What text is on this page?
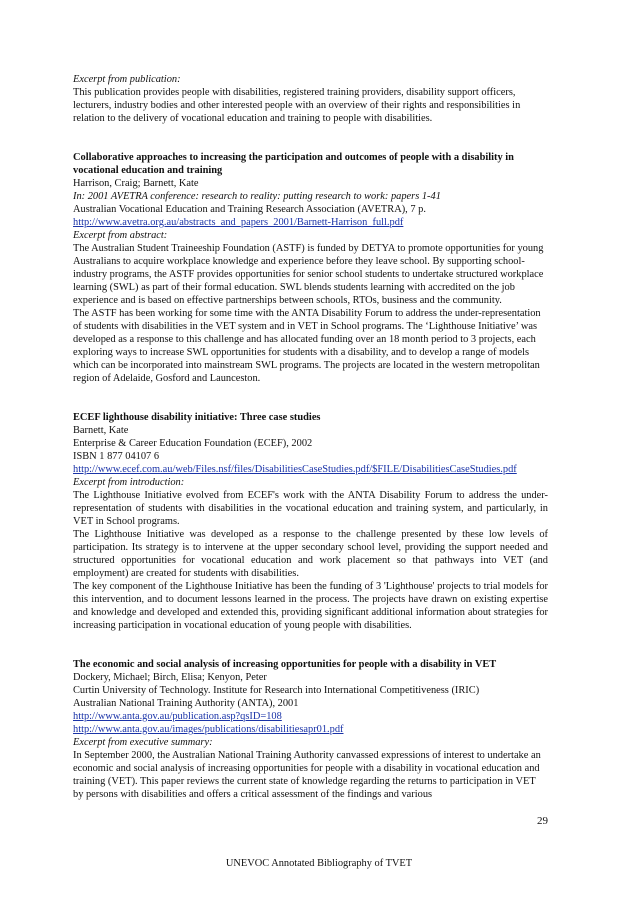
Excerpt from publication:

This publication provides people with disabilities, registered training providers, disability support officers, lecturers, industry bodies and other interested people with an overview of their rights and responsibilities in relation to the delivery of vocational education and training to people with disabilities.

Collaborative approaches to increasing the participation and outcomes of people with a disability in vocational education and training

Harrison, Craig; Barnett, Kate

In: 2001 AVETRA conference: research to reality: putting research to work: papers 1-41

Australian Vocational Education and Training Research Association (AVETRA), 7 p.

http://www.avetra.org.au/abstracts_and_papers_2001/Barnett-Harrison_full.pdf

Excerpt from abstract:

The Australian Student Traineeship Foundation (ASTF) is funded by DETYA to promote opportunities for young Australians to acquire workplace knowledge and experience before they leave school. By supporting school-industry programs, the ASTF provides opportunities for senior school students to undertake structured workplace learning (SWL) as part of their formal education. SWL blends students learning with accredited on the job experience and is based on effective partnerships between schools, RTOs, business and the community.

The ASTF has been working for some time with the ANTA Disability Forum to address the under-representation of students with disabilities in the VET system and in VET in School programs. The ‘Lighthouse Initiative’ was developed as a response to this challenge and has allocated funding over an 18 month period to 3 projects, each exploring ways to increase SWL opportunities for students with a disability, and to develop a range of models which can be incorporated into mainstream SWL programs. The projects are located in the western metropolitan region of Adelaide, Gosford and Launceston.

ECEF lighthouse disability initiative: Three case studies

Barnett, Kate

Enterprise & Career Education Foundation (ECEF), 2002

ISBN 1 877 04107 6

http://www.ecef.com.au/web/Files.nsf/files/DisabilitiesCaseStudies.pdf/$FILE/DisabilitiesCaseStudies.pdf

Excerpt from introduction:

The Lighthouse Initiative evolved from ECEF's work with the ANTA Disability Forum to address the under-representation of students with disabilities in the vocational education and training system, and particularly, in VET in School programs.

The Lighthouse Initiative was developed as a response to the challenge presented by these low levels of participation. Its strategy is to intervene at the upper secondary school level, providing the support needed and structured opportunities for vocational education and work placement so that pathways into VET (and employment) are created for students with disabilities.

The key component of the Lighthouse Initiative has been the funding of 3 'Lighthouse' projects to trial models for this intervention, and to document lessons learned in the process. The projects have drawn on existing expertise and knowledge and developed and extended this, providing significant additional information about strategies for increasing participation in vocational education of young people with disabilities.

The economic and social analysis of increasing opportunities for people with a disability in VET

Dockery, Michael; Birch, Elisa; Kenyon, Peter

Curtin University of Technology. Institute for Research into International Competitiveness (IRIC)

Australian National Training Authority (ANTA), 2001

http://www.anta.gov.au/publication.asp?qsID=108
http://www.anta.gov.au/images/publications/disabilitiesapr01.pdf

Excerpt from executive summary:

In September 2000, the Australian National Training Authority canvassed expressions of interest to undertake an economic and social analysis of increasing opportunities for people with a disability in vocational education and training (VET). This paper reviews the current state of knowledge regarding the returns to participation in VET by persons with disabilities and offers a critical assessment of the findings and various

29
UNEVOC Annotated Bibliography of TVET
